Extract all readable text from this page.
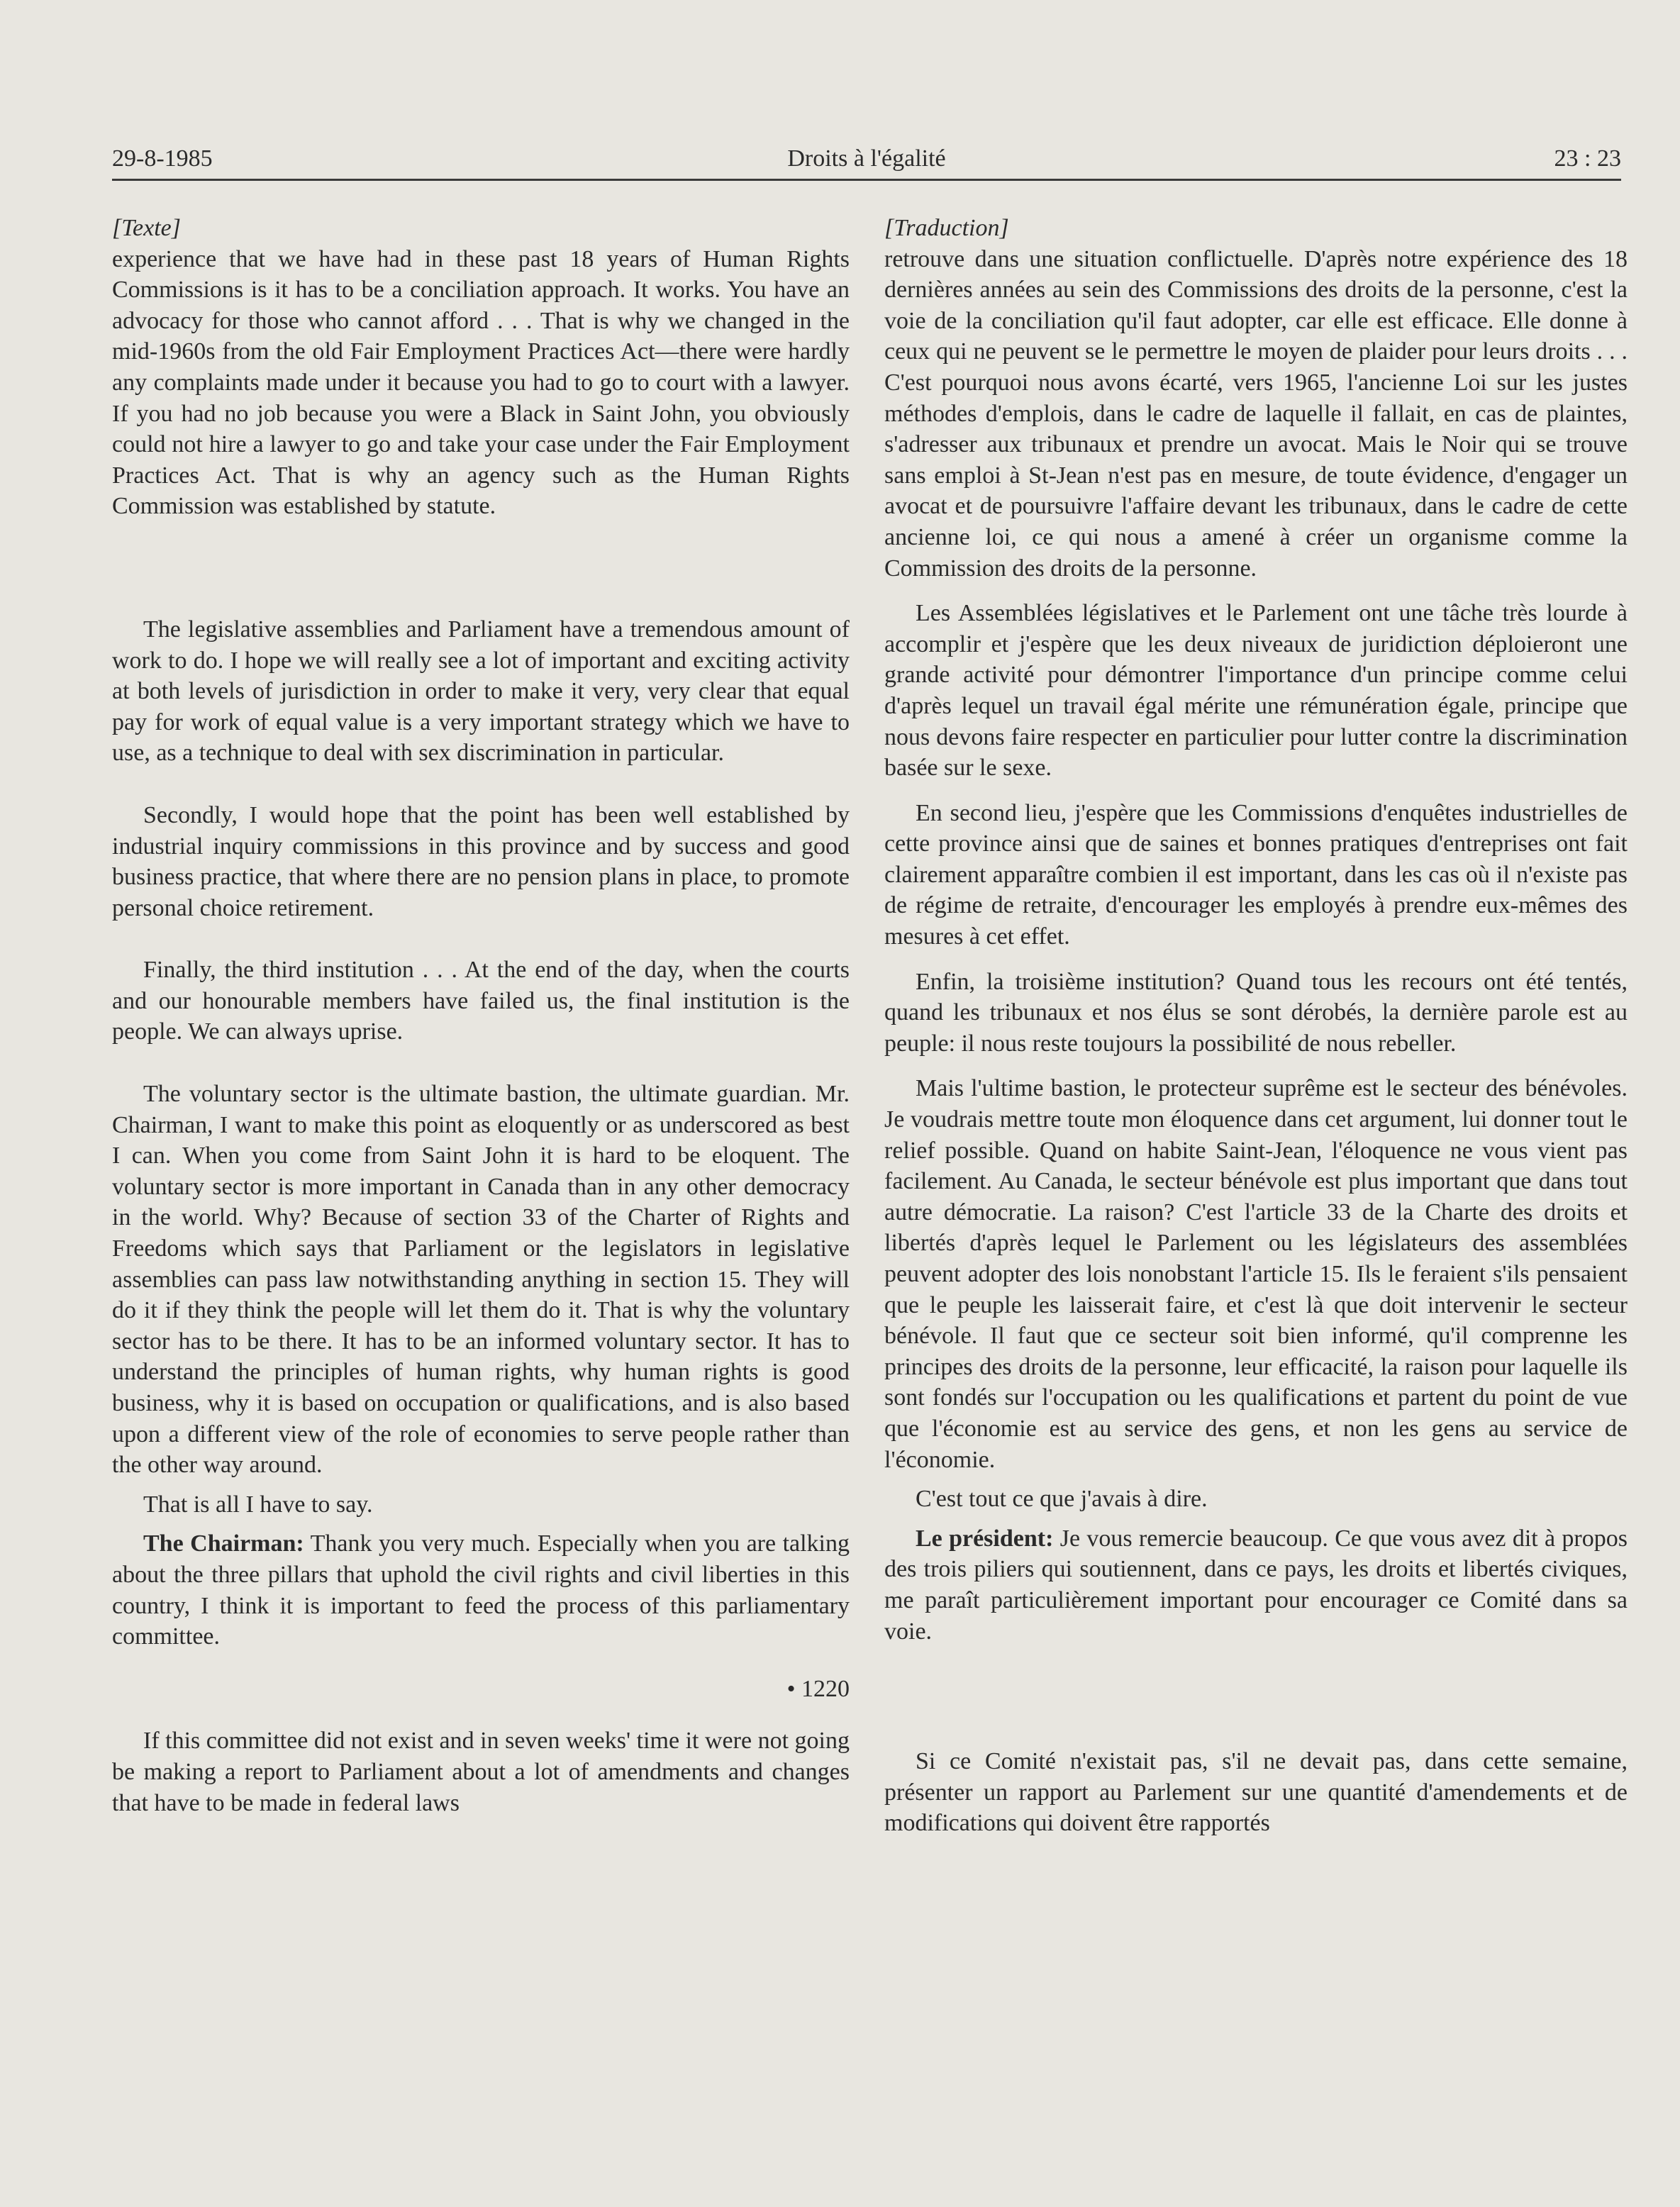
29-8-1985	Droits à l'égalité	23 : 23

[Texte]

experience that we have had in these past 18 years of Human Rights Commissions is it has to be a conciliation approach. It works. You have an advocacy for those who cannot afford . . . That is why we changed in the mid-1960s from the old Fair Employment Practices Act—there were hardly any complaints made under it because you had to go to court with a lawyer. If you had no job because you were a Black in Saint John, you obviously could not hire a lawyer to go and take your case under the Fair Employment Practices Act. That is why an agency such as the Human Rights Commission was established by statute.

The legislative assemblies and Parliament have a tremendous amount of work to do. I hope we will really see a lot of important and exciting activity at both levels of jurisdiction in order to make it very, very clear that equal pay for work of equal value is a very important strategy which we have to use, as a technique to deal with sex discrimination in particular.

Secondly, I would hope that the point has been well established by industrial inquiry commissions in this province and by success and good business practice, that where there are no pension plans in place, to promote personal choice retirement.

Finally, the third institution . . . At the end of the day, when the courts and our honourable members have failed us, the final institution is the people. We can always uprise.

The voluntary sector is the ultimate bastion, the ultimate guardian. Mr. Chairman, I want to make this point as eloquently or as underscored as best I can. When you come from Saint John it is hard to be eloquent. The voluntary sector is more important in Canada than in any other democracy in the world. Why? Because of section 33 of the Charter of Rights and Freedoms which says that Parliament or the legislators in legislative assemblies can pass law notwithstanding anything in section 15. They will do it if they think the people will let them do it. That is why the voluntary sector has to be there. It has to be an informed voluntary sector. It has to understand the principles of human rights, why human rights is good business, why it is based on occupation or qualifications, and is also based upon a different view of the role of economies to serve people rather than the other way around.

That is all I have to say.

The Chairman: Thank you very much. Especially when you are talking about the three pillars that uphold the civil rights and civil liberties in this country, I think it is important to feed the process of this parliamentary committee.

• 1220

If this committee did not exist and in seven weeks' time it were not going be making a report to Parliament about a lot of amendments and changes that have to be made in federal laws

[Traduction]

retrouve dans une situation conflictuelle. D'après notre expérience des 18 dernières années au sein des Commissions des droits de la personne, c'est la voie de la conciliation qu'il faut adopter, car elle est efficace. Elle donne à ceux qui ne peuvent se le permettre le moyen de plaider pour leurs droits . . . C'est pourquoi nous avons écarté, vers 1965, l'ancienne Loi sur les justes méthodes d'emplois, dans le cadre de laquelle il fallait, en cas de plaintes, s'adresser aux tribunaux et prendre un avocat. Mais le Noir qui se trouve sans emploi à St-Jean n'est pas en mesure, de toute évidence, d'engager un avocat et de poursuivre l'affaire devant les tribunaux, dans le cadre de cette ancienne loi, ce qui nous a amené à créer un organisme comme la Commission des droits de la personne.

Les Assemblées législatives et le Parlement ont une tâche très lourde à accomplir et j'espère que les deux niveaux de juridiction déploieront une grande activité pour démontrer l'importance d'un principe comme celui d'après lequel un travail égal mérite une rémunération égale, principe que nous devons faire respecter en particulier pour lutter contre la discrimination basée sur le sexe.

En second lieu, j'espère que les Commissions d'enquêtes industrielles de cette province ainsi que de saines et bonnes pratiques d'entreprises ont fait clairement apparaître combien il est important, dans les cas où il n'existe pas de régime de retraite, d'encourager les employés à prendre eux-mêmes des mesures à cet effet.

Enfin, la troisième institution? Quand tous les recours ont été tentés, quand les tribunaux et nos élus se sont dérobés, la dernière parole est au peuple: il nous reste toujours la possibilité de nous rebeller.

Mais l'ultime bastion, le protecteur suprême est le secteur des bénévoles. Je voudrais mettre toute mon éloquence dans cet argument, lui donner tout le relief possible. Quand on habite Saint-Jean, l'éloquence ne vous vient pas facilement. Au Canada, le secteur bénévole est plus important que dans tout autre démocratie. La raison? C'est l'article 33 de la Charte des droits et libertés d'après lequel le Parlement ou les législateurs des assemblées peuvent adopter des lois nonobstant l'article 15. Ils le feraient s'ils pensaient que le peuple les laisserait faire, et c'est là que doit intervenir le secteur bénévole. Il faut que ce secteur soit bien informé, qu'il comprenne les principes des droits de la personne, leur efficacité, la raison pour laquelle ils sont fondés sur l'occupation ou les qualifications et partent du point de vue que l'économie est au service des gens, et non les gens au service de l'économie.

C'est tout ce que j'avais à dire.

Le président: Je vous remercie beaucoup. Ce que vous avez dit à propos des trois piliers qui soutiennent, dans ce pays, les droits et libertés civiques, me paraît particulièrement important pour encourager ce Comité dans sa voie.

Si ce Comité n'existait pas, s'il ne devait pas, dans cette semaine, présenter un rapport au Parlement sur une quantité d'amendements et de modifications qui doivent être rapportés
